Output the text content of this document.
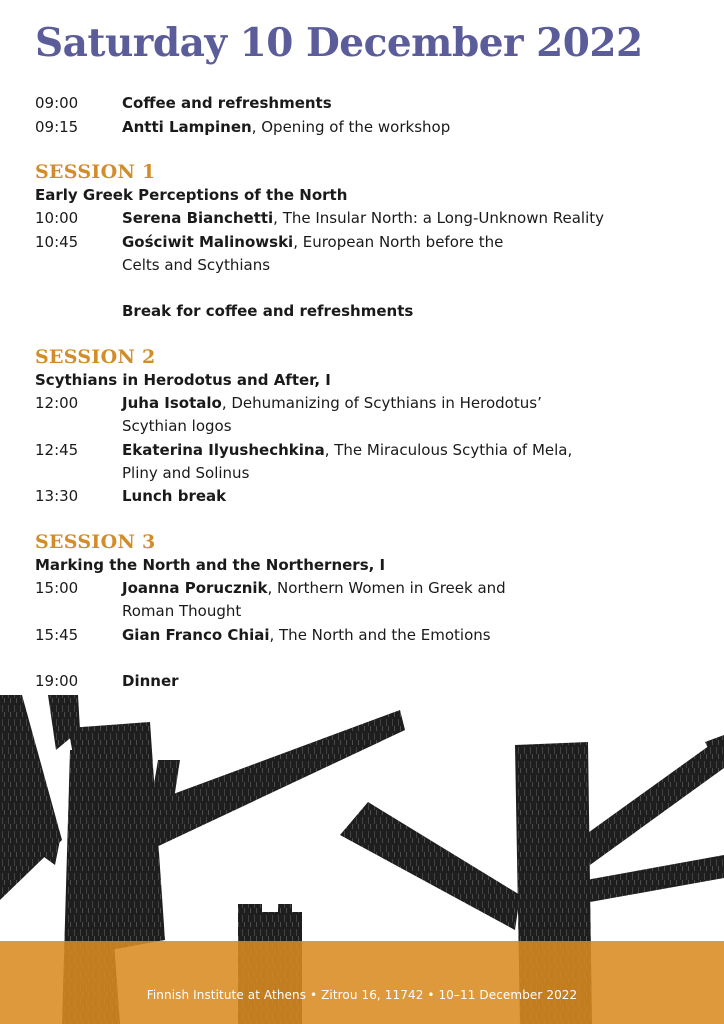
Saturday 10 December 2022
09:00	Coffee and refreshments
09:15	Antti Lampinen, Opening of the workshop
SESSION 1
Early Greek Perceptions of the North
10:00	Serena Bianchetti, The Insular North: a Long-Unknown Reality
10:45	Gościwit Malinowski, European North before the
Celts and Scythians
Break for coffee and refreshments
SESSION 2
Scythians in Herodotus and After, I
12:00	Juha Isotalo, Dehumanizing of Scythians in Herodotus’
Scythian logos
12:45	Ekaterina Ilyushechkina, The Miraculous Scythia of Mela,
Pliny and Solinus
13:30	Lunch break
SESSION 3
Marking the North and the Northerners, I
15:00	Joanna Porucznik, Northern Women in Greek and
Roman Thought
15:45	Gian Franco Chiai, The North and the Emotions
19:00	Dinner
Finnish Institute at Athens • Zitrou 16, 11742 • 10–11 December 2022
